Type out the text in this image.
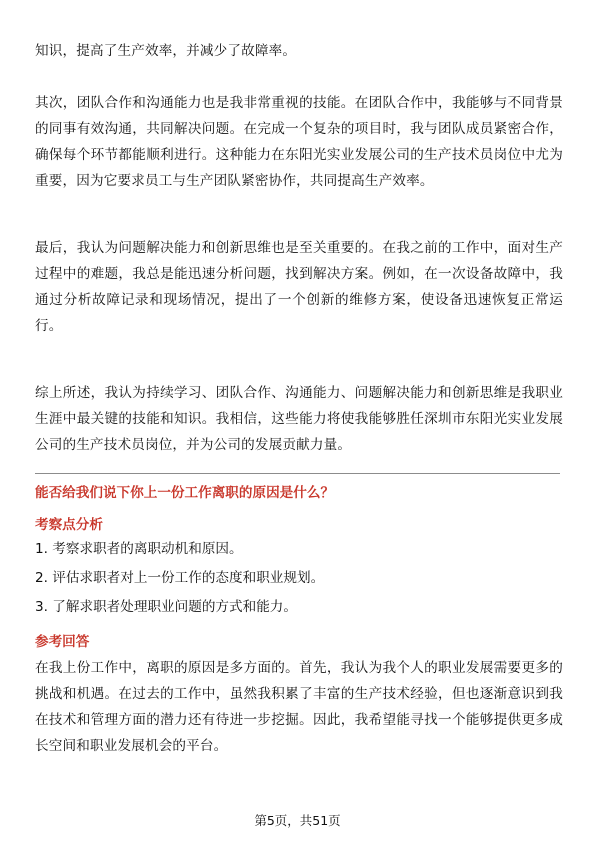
知识，提高了生产效率，并减少了故障率。

其次，团队合作和沟通能力也是我非常重视的技能。在团队合作中，我能够与不同背景的同事有效沟通，共同解决问题。在完成一个复杂的项目时，我与团队成员紧密合作，确保每个环节都能顺利进行。这种能力在东阳光实业发展公司的生产技术员岗位中尤为重要，因为它要求员工与生产团队紧密协作，共同提高生产效率。

最后，我认为问题解决能力和创新思维也是至关重要的。在我之前的工作中，面对生产过程中的难题，我总是能迅速分析问题，找到解决方案。例如，在一次设备故障中，我通过分析故障记录和现场情况，提出了一个创新的维修方案，使设备迅速恢复正常运行。

综上所述，我认为持续学习、团队合作、沟通能力、问题解决能力和创新思维是我职业生涯中最关键的技能和知识。我相信，这些能力将使我能够胜任深圳市东阳光实业发展公司的生产技术员岗位，并为公司的发展贡献力量。

能否给我们说下你上一份工作离职的原因是什么？
考察点分析
1. 考察求职者的离职动机和原因。
2. 评估求职者对上一份工作的态度和职业规划。
3. 了解求职者处理职业问题的方式和能力。
参考回答

在我上份工作中，离职的原因是多方面的。首先，我认为我个人的职业发展需要更多的挑战和机遇。在过去的工作中，虽然我积累了丰富的生产技术经验，但也逐渐意识到我在技术和管理方面的潜力还有待进一步挖掘。因此，我希望能寻找一个能够提供更多成长空间和职业发展机会的平台。

第5页，共51页
